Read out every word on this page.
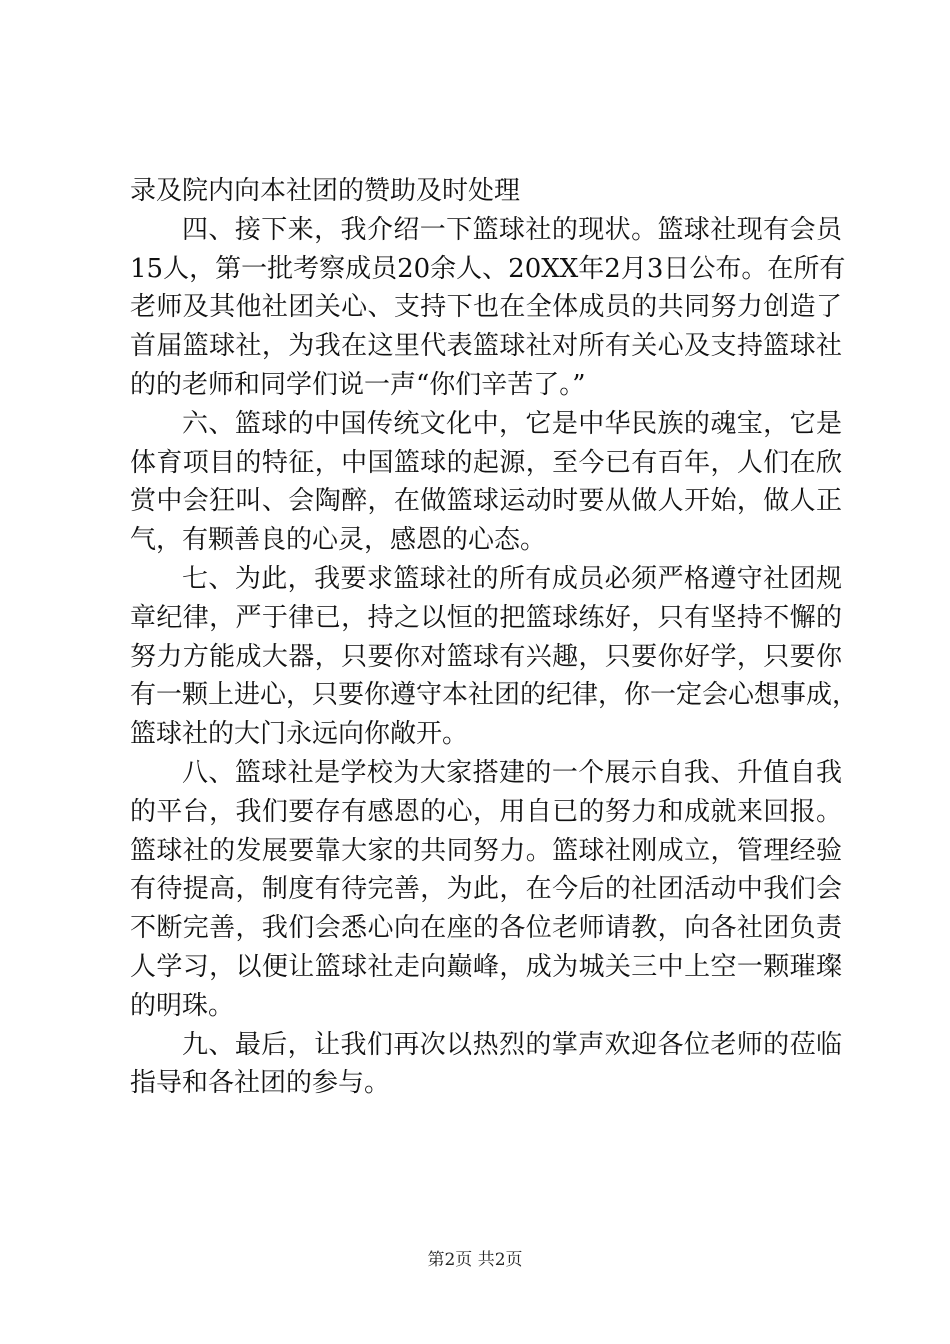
录及院内向本社团的赞助及时处理
四、接下来，我介绍一下篮球社的现状。篮球社现有会员
15人，第一批考察成员20余人、20XX年2月3日公布。在所有
老师及其他社团关心、支持下也在全体成员的共同努力创造了
首届篮球社，为我在这里代表篮球社对所有关心及支持篮球社
的的老师和同学们说一声“你们辛苦了。”
六、篮球的中国传统文化中，它是中华民族的魂宝，它是
体育项目的特征，中国篮球的起源，至今已有百年，人们在欣
赏中会狂叫、会陶醉，在做篮球运动时要从做人开始，做人正
气，有颗善良的心灵，感恩的心态。
七、为此，我要求篮球社的所有成员必须严格遵守社团规
章纪律，严于律已，持之以恒的把篮球练好，只有坚持不懈的
努力方能成大器，只要你对篮球有兴趣，只要你好学，只要你
有一颗上进心，只要你遵守本社团的纪律，你一定会心想事成，
篮球社的大门永远向你敞开。
八、篮球社是学校为大家搭建的一个展示自我、升值自我
的平台，我们要存有感恩的心，用自已的努力和成就来回报。
篮球社的发展要靠大家的共同努力。篮球社刚成立，管理经验
有待提高，制度有待完善，为此，在今后的社团活动中我们会
不断完善，我们会悉心向在座的各位老师请教，向各社团负责
人学习，以便让篮球社走向巅峰，成为城关三中上空一颗璀璨
的明珠。
九、最后，让我们再次以热烈的掌声欢迎各位老师的莅临
指导和各社团的参与。
第2页 共2页
